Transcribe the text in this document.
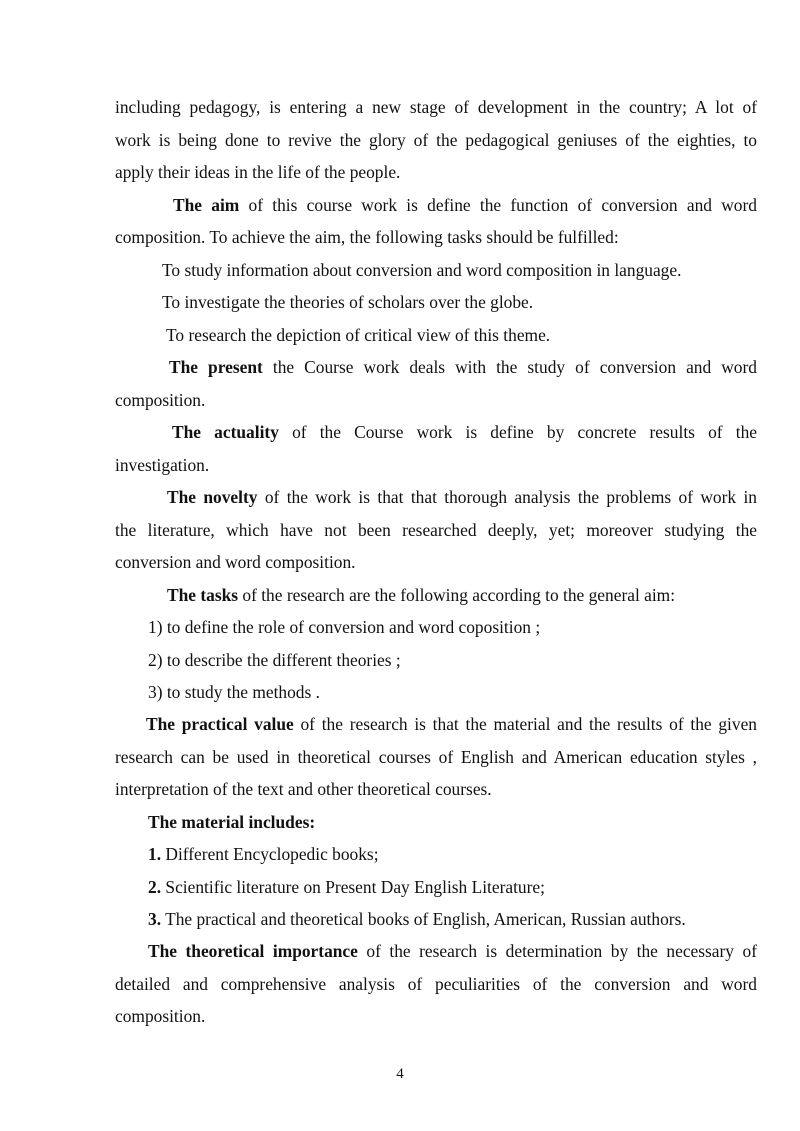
including pedagogy, is entering a new stage of development in the country; A lot of
work is being done to revive the glory of the pedagogical geniuses of the eighties, to
apply their ideas in the life of the people.
The aim of this course work is define the function of conversion and word
composition. To achieve the aim, the following tasks should be fulfilled:
To study information about conversion and word composition in language.
To investigate the theories of scholars over the globe.
To research the depiction of critical view of this theme.
The present the Course work deals with the study of conversion and word
composition.
The actuality of the Course work is define by concrete results of the
investigation.
The novelty of the work is that that thorough analysis the problems of work in
the literature, which have not been researched deeply, yet; moreover studying the
conversion and word composition.
The tasks of the research are the following according to the general aim:
1) to define the role of conversion and word coposition ;
2) to describe the different theories ;
3) to study the methods .
The practical value of the research is that the material and the results of the given
research can be used in theoretical courses of English and American education styles ,
interpretation of the text and other theoretical courses.
The material includes:
1. Different Encyclopedic books;
2. Scientific literature on Present Day English Literature;
3. The practical and theoretical books of English, American, Russian authors.
The theoretical importance of the research is determination by the necessary of
detailed and comprehensive analysis of peculiarities of the conversion and word
composition.
4
